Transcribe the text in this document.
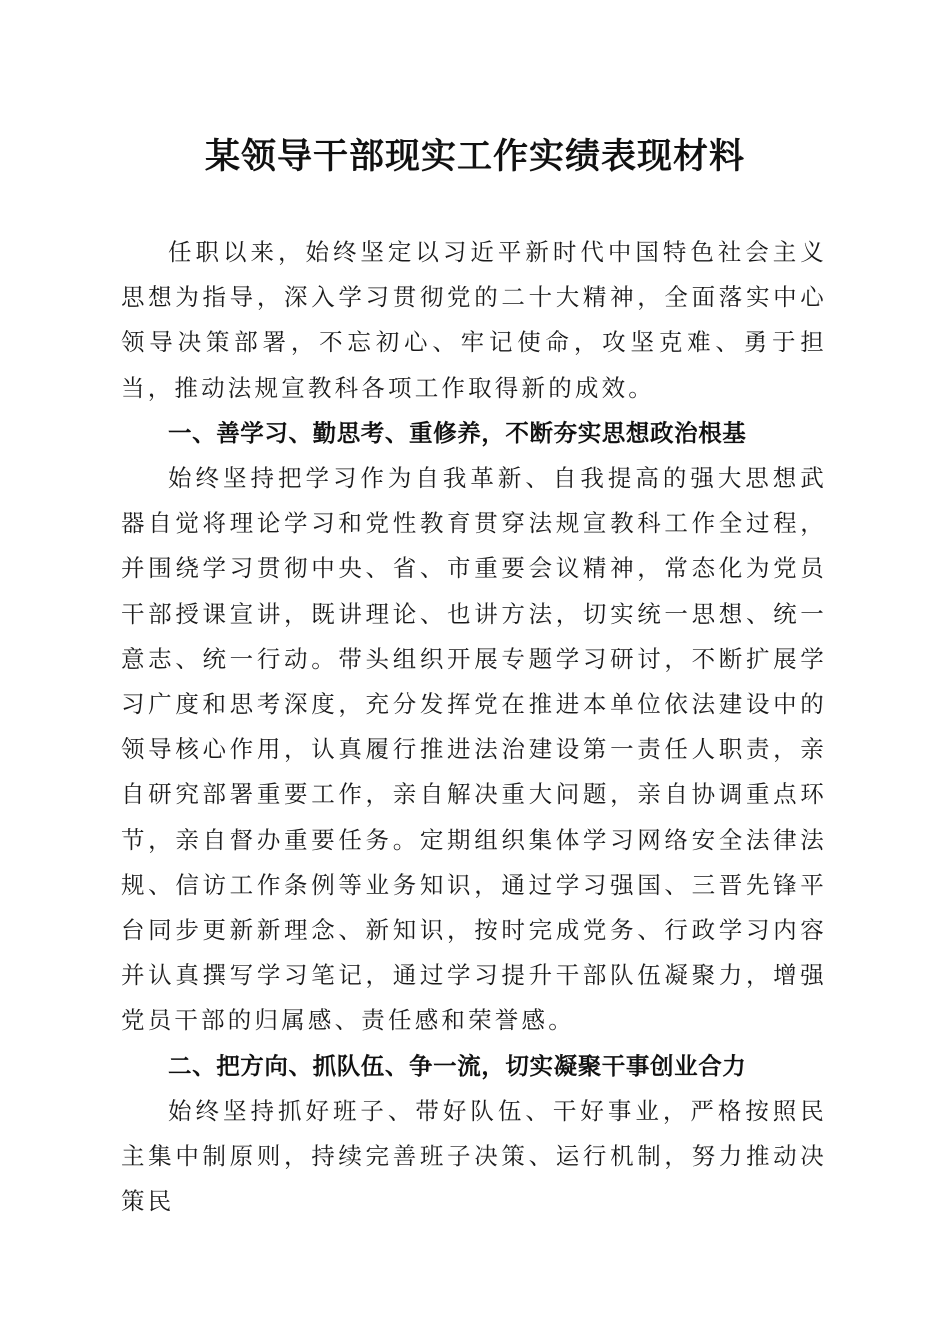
某领导干部现实工作实绩表现材料

任职以来，始终坚定以习近平新时代中国特色社会主义思想为指导，深入学习贯彻党的二十大精神，全面落实中心领导决策部署，不忘初心、牢记使命，攻坚克难、勇于担当，推动法规宣教科各项工作取得新的成效。

一、善学习、勤思考、重修养，不断夯实思想政治根基

始终坚持把学习作为自我革新、自我提高的强大思想武器自觉将理论学习和党性教育贯穿法规宣教科工作全过程，并围绕学习贯彻中央、省、市重要会议精神，常态化为党员干部授课宣讲，既讲理论、也讲方法，切实统一思想、统一意志、统一行动。带头组织开展专题学习研讨，不断扩展学习广度和思考深度，充分发挥党在推进本单位依法建设中的领导核心作用，认真履行推进法治建设第一责任人职责，亲自研究部署重要工作，亲自解决重大问题，亲自协调重点环节，亲自督办重要任务。定期组织集体学习网络安全法律法规、信访工作条例等业务知识，通过学习强国、三晋先锋平台同步更新新理念、新知识，按时完成党务、行政学习内容并认真撰写学习笔记，通过学习提升干部队伍凝聚力，增强党员干部的归属感、责任感和荣誉感。

二、把方向、抓队伍、争一流，切实凝聚干事创业合力

始终坚持抓好班子、带好队伍、干好事业，严格按照民主集中制原则，持续完善班子决策、运行机制，努力推动决策民
